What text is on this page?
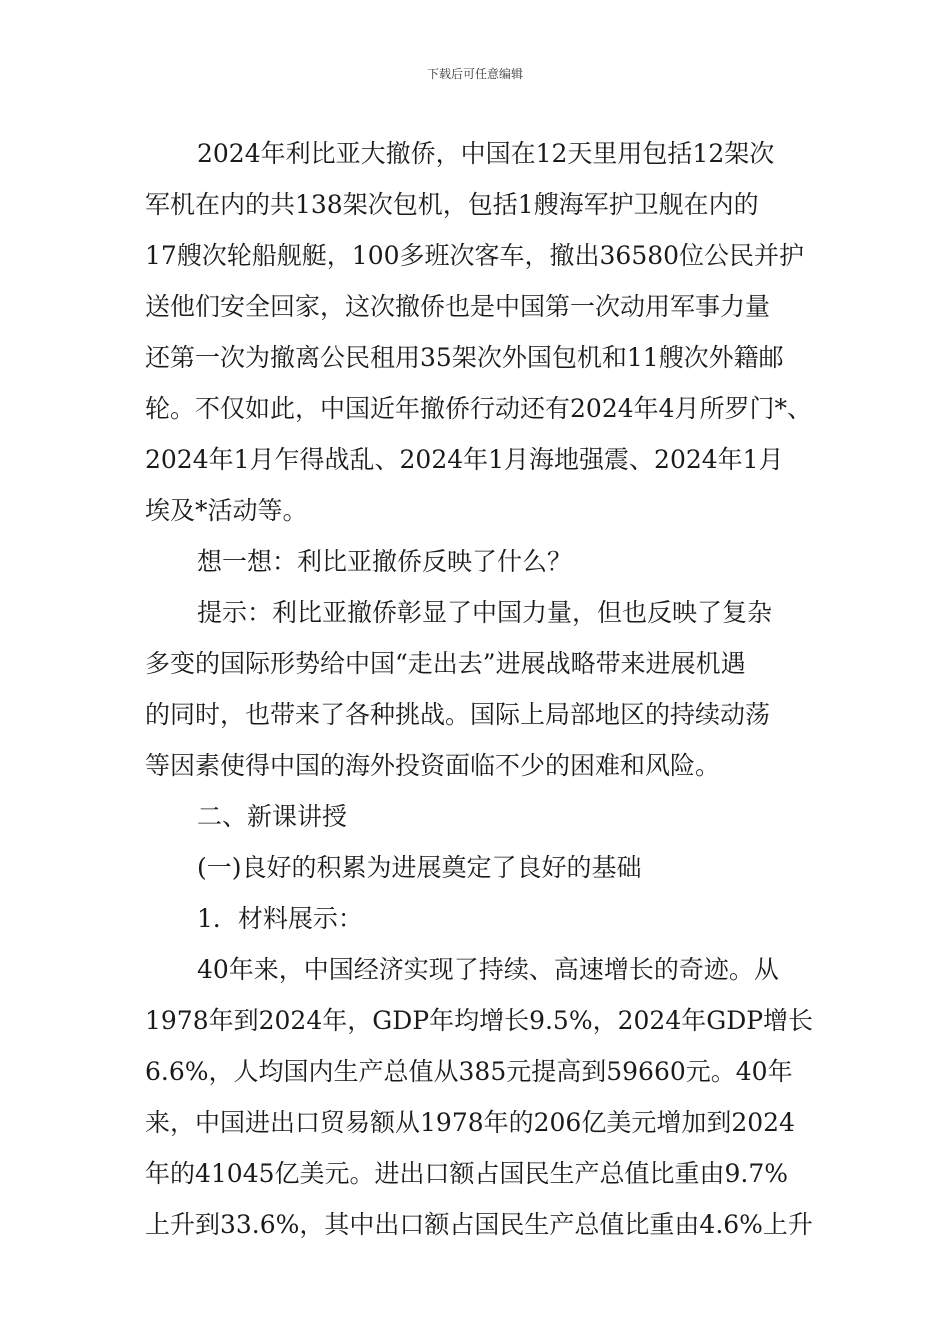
下载后可任意编辑
2024年利比亚大撤侨，中国在12天里用包括12架次
军机在内的共138架次包机，包括1艘海军护卫舰在内的
17艘次轮船舰艇，100多班次客车，撤出36580位公民并护
送他们安全回家，这次撤侨也是中国第一次动用军事力量
还第一次为撤离公民租用35架次外国包机和11艘次外籍邮
轮。不仅如此，中国近年撤侨行动还有2024年4月所罗门*、
2024年1月乍得战乱、2024年1月海地强震、2024年1月
埃及*活动等。
想一想：利比亚撤侨反映了什么？
提示：利比亚撤侨彰显了中国力量，但也反映了复杂
多变的国际形势给中国“走出去”进展战略带来进展机遇
的同时，也带来了各种挑战。国际上局部地区的持续动荡
等因素使得中国的海外投资面临不少的困难和风险。
二、新课讲授
(一)良好的积累为进展奠定了良好的基础
1．材料展示：
40年来，中国经济实现了持续、高速增长的奇迹。从
1978年到2024年，GDP年均增长9.5%，2024年GDP增长
6.6%，人均国内生产总值从385元提高到59660元。40年
来，中国进出口贸易额从1978年的206亿美元增加到2024
年的41045亿美元。进出口额占国民生产总值比重由9.7%
上升到33.6%，其中出口额占国民生产总值比重由4.6%上升
